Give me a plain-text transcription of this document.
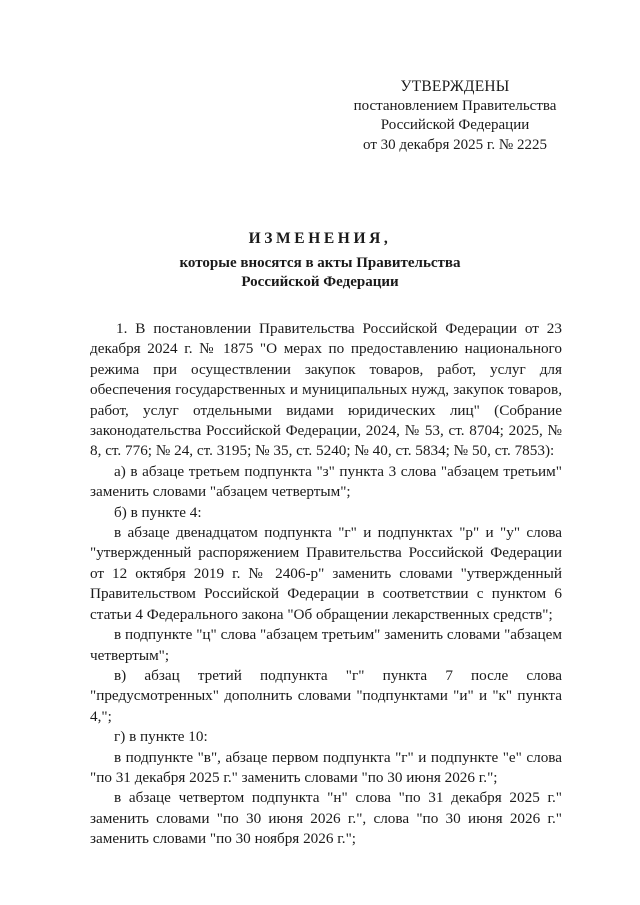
УТВЕРЖДЕНЫ
постановлением Правительства
Российской Федерации
от 30 декабря 2025 г. № 2225
ИЗМЕНЕНИЯ,
которые вносятся в акты Правительства
Российской Федерации

1. В постановлении Правительства Российской Федерации от 23 декабря 2024 г. № 1875 "О мерах по предоставлению национального режима при осуществлении закупок товаров, работ, услуг для обеспечения государственных и муниципальных нужд, закупок товаров, работ, услуг отдельными видами юридических лиц" (Собрание законодательства Российской Федерации, 2024, № 53, ст. 8704; 2025, № 8, ст. 776; № 24, ст. 3195; № 35, ст. 5240; № 40, ст. 5834; № 50, ст. 7853):

а) в абзаце третьем подпункта "з" пункта 3 слова "абзацем третьим" заменить словами "абзацем четвертым";

б) в пункте 4:

в абзаце двенадцатом подпункта "г" и подпунктах "р" и "у" слова "утвержденный распоряжением Правительства Российской Федерации от 12 октября 2019 г. № 2406-р" заменить словами "утвержденный Правительством Российской Федерации в соответствии с пунктом 6 статьи 4 Федерального закона "Об обращении лекарственных средств";

в подпункте "ц" слова "абзацем третьим" заменить словами "абзацем четвертым";

в) абзац третий подпункта "г" пункта 7 после слова "предусмотренных" дополнить словами "подпунктами "и" и "к" пункта 4,";

г) в пункте 10:

в подпункте "в", абзаце первом подпункта "г" и подпункте "е" слова "по 31 декабря 2025 г." заменить словами "по 30 июня 2026 г.";

в абзаце четвертом подпункта "н" слова "по 31 декабря 2025 г." заменить словами "по 30 июня 2026 г.", слова "по 30 июня 2026 г." заменить словами "по 30 ноября 2026 г.";
